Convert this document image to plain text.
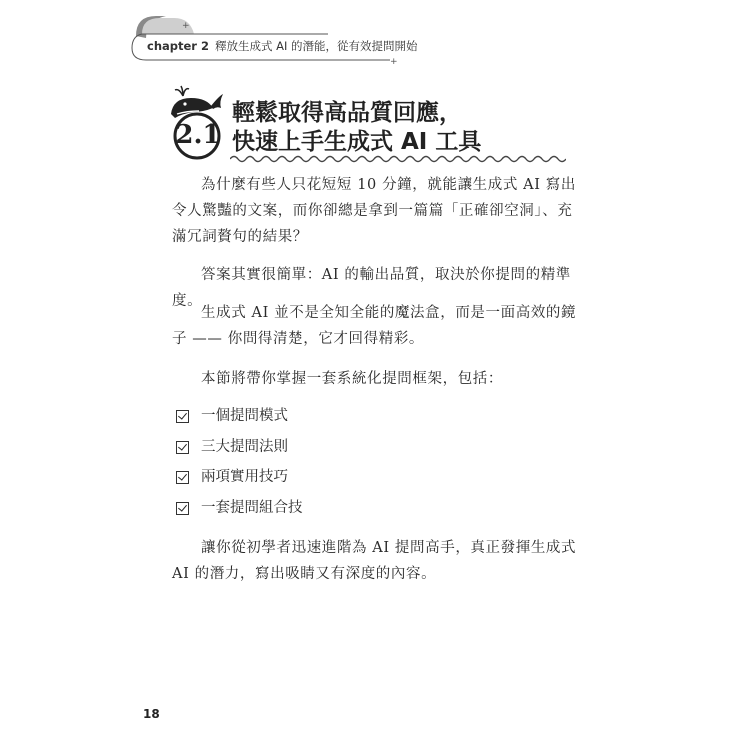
+
+
chapter 2 釋放生成式 AI 的潛能，從有效提問開始
2.1
輕鬆取得高品質回應，
快速上手生成式 AI 工具

為什麼有些人只花短短 10 分鐘，就能讓生成式 AI 寫出令人驚豔的文案，而你卻總是拿到一篇篇「正確卻空洞」、充滿冗詞贅句的結果？

答案其實很簡單：AI 的輸出品質，取決於你提問的精準度。

生成式 AI 並不是全知全能的魔法盒，而是一面高效的鏡子 —— 你問得清楚，它才回得精彩。

本節將帶你掌握一套系統化提問框架，包括：

一個提問模式
三大提問法則
兩項實用技巧
一套提問組合技

讓你從初學者迅速進階為 AI 提問高手，真正發揮生成式 AI 的潛力，寫出吸睛又有深度的內容。

18
